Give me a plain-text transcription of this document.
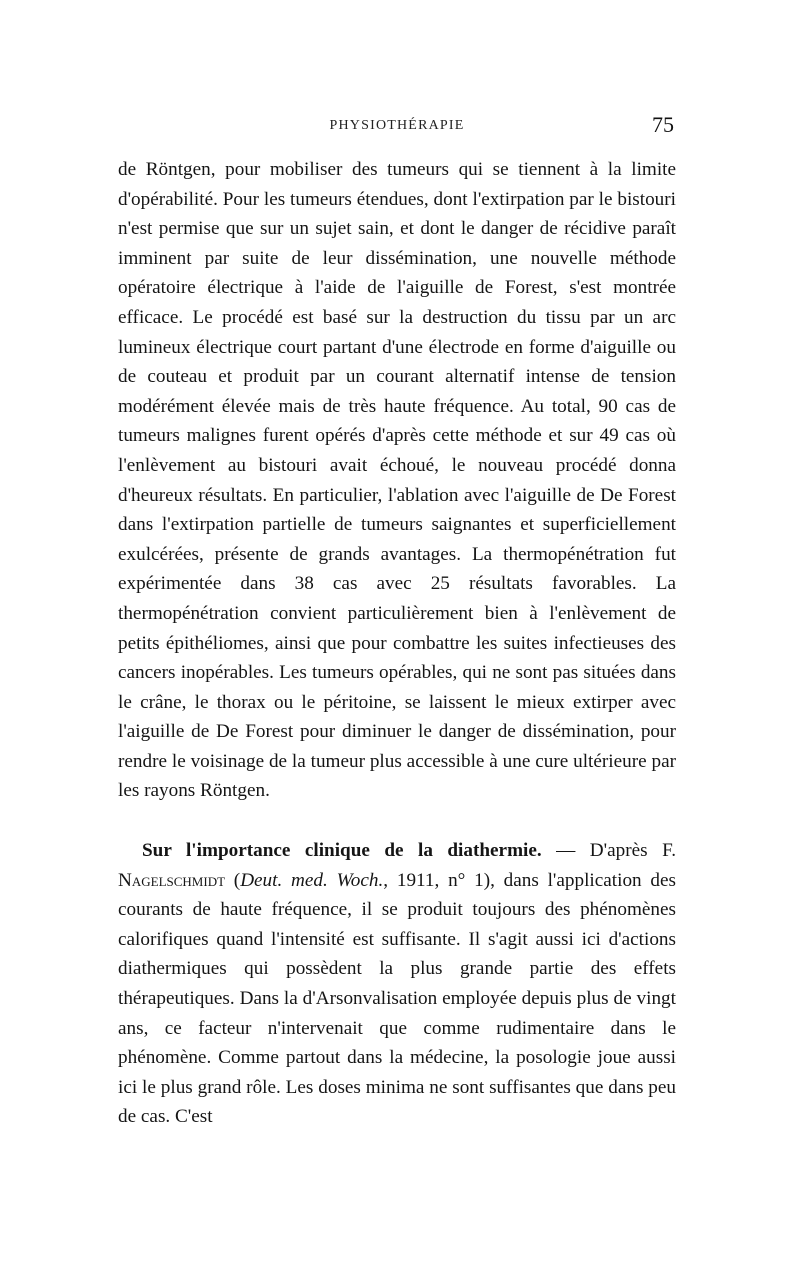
PHYSIOTHÉRAPIE	75

de Röntgen, pour mobiliser des tumeurs qui se tiennent à la limite d'opérabilité. Pour les tumeurs étendues, dont l'extirpation par le bistouri n'est permise que sur un sujet sain, et dont le danger de récidive paraît imminent par suite de leur dissémination, une nouvelle méthode opératoire électrique à l'aide de l'aiguille de Forest, s'est montrée efficace. Le procédé est basé sur la destruction du tissu par un arc lumineux électrique court partant d'une électrode en forme d'aiguille ou de couteau et produit par un courant alternatif intense de tension modérément élevée mais de très haute fréquence. Au total, 90 cas de tumeurs malignes furent opérés d'après cette méthode et sur 49 cas où l'enlèvement au bistouri avait échoué, le nouveau procédé donna d'heureux résultats. En particulier, l'ablation avec l'aiguille de De Forest dans l'extirpation partielle de tumeurs saignantes et superficiellement exulcérées, présente de grands avantages. La thermopénétration fut expérimentée dans 38 cas avec 25 résultats favorables. La thermopénétration convient particulièrement bien à l'enlèvement de petits épithéliomes, ainsi que pour combattre les suites infectieuses des cancers inopérables. Les tumeurs opérables, qui ne sont pas situées dans le crâne, le thorax ou le péritoine, se laissent le mieux extirper avec l'aiguille de De Forest pour diminuer le danger de dissémination, pour rendre le voisinage de la tumeur plus accessible à une cure ultérieure par les rayons Röntgen.

Sur l'importance clinique de la diathermie. — D'après F. Nagelschmidt (Deut. med. Woch., 1911, n° 1), dans l'application des courants de haute fréquence, il se produit toujours des phénomènes calorifiques quand l'intensité est suffisante. Il s'agit aussi ici d'actions diathermiques qui possèdent la plus grande partie des effets thérapeutiques. Dans la d'Arsonvalisation employée depuis plus de vingt ans, ce facteur n'intervenait que comme rudimentaire dans le phénomène. Comme partout dans la médecine, la posologie joue aussi ici le plus grand rôle. Les doses minima ne sont suffisantes que dans peu de cas. C'est
